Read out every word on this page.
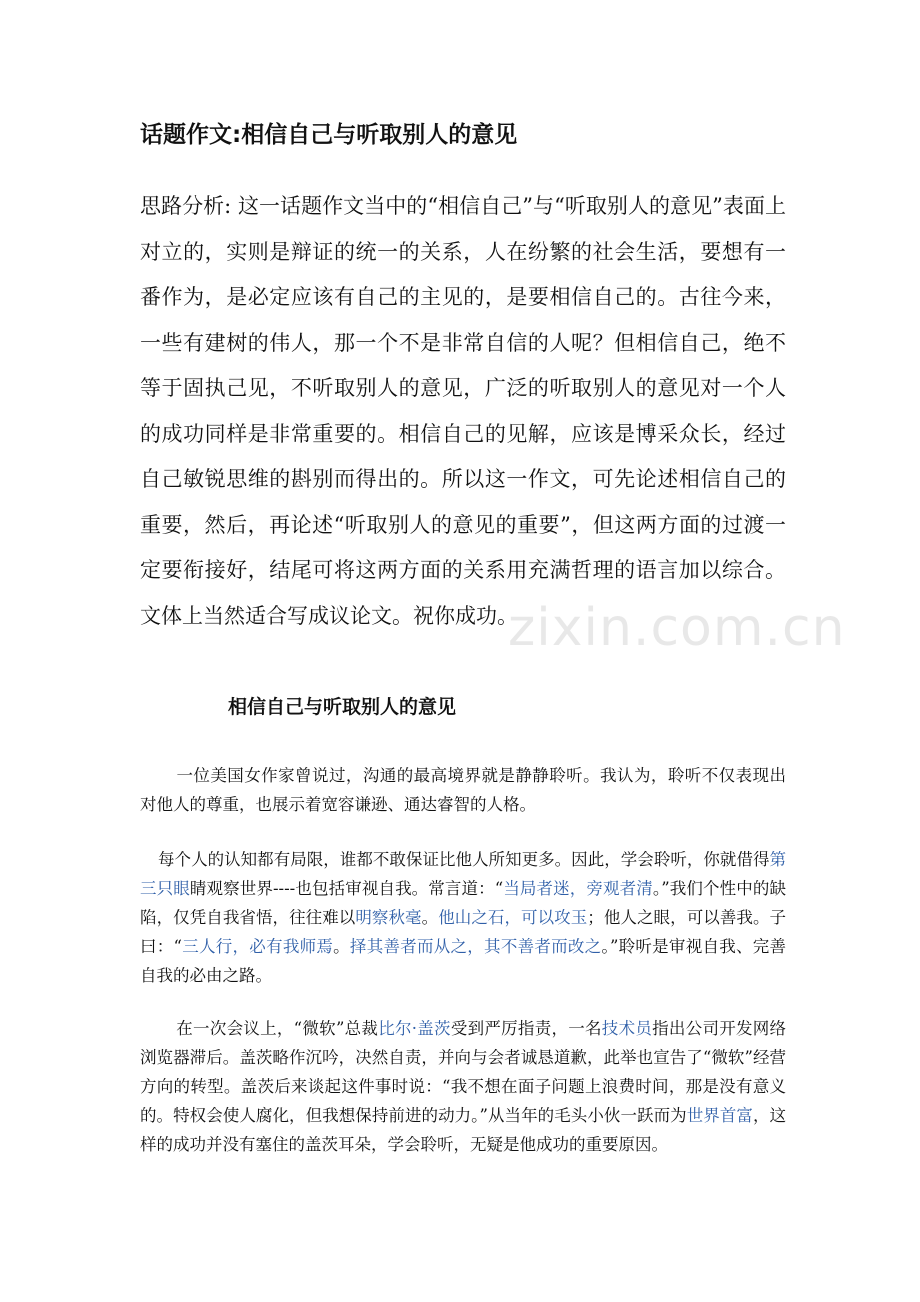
话题作文:相信自己与听取别人的意见
思路分析: 这一话题作文当中的“相信自己”与“听取别人的意见”表面上对立的，实则是辩证的统一的关系，人在纷繁的社会生活，要想有一番作为，是必定应该有自己的主见的，是要相信自己的。古往今来，一些有建树的伟人，那一个不是非常自信的人呢？但相信自己，绝不等于固执己见，不听取别人的意见，广泛的听取别人的意见对一个人的成功同样是非常重要的。相信自己的见解，应该是博采众长，经过自己敏锐思维的斟别而得出的。所以这一作文，可先论述相信自己的重要，然后，再论述“听取别人的意见的重要”，但这两方面的过渡一定要衔接好，结尾可将这两方面的关系用充满哲理的语言加以综合。文体上当然适合写成议论文。祝你成功。
相信自己与听取别人的意见
一位美国女作家曾说过，沟通的最高境界就是静静聆听。我认为，聆听不仅表现出对他人的尊重，也展示着宽容谦逊、通达睿智的人格。
每个人的认知都有局限，谁都不敢保证比他人所知更多。因此，学会聆听，你就借得第三只眼睛观察世界----也包括审视自我。常言道：“当局者迷，旁观者清。”我们个性中的缺陷，仅凭自我省悟，往往难以明察秋毫。他山之石，可以攻玉；他人之眼，可以善我。子曰：“三人行，必有我师焉。择其善者而从之，其不善者而改之。”聆听是审视自我、完善自我的必由之路。
在一次会议上，“微软”总裁比尔·盖茨受到严厉指责，一名技术员指出公司开发网络浏览器滞后。盖茨略作沉吟，决然自责，并向与会者诚恳道歉，此举也宣告了“微软”经营方向的转型。盖茨后来谈起这件事时说：“我不想在面子问题上浪费时间，那是没有意义的。特权会使人腐化，但我想保持前进的动力。”从当年的毛头小伙一跃而为世界首富，这样的成功并没有塞住的盖茨耳朵，学会聆听，无疑是他成功的重要原因。
zixin.com.cn
